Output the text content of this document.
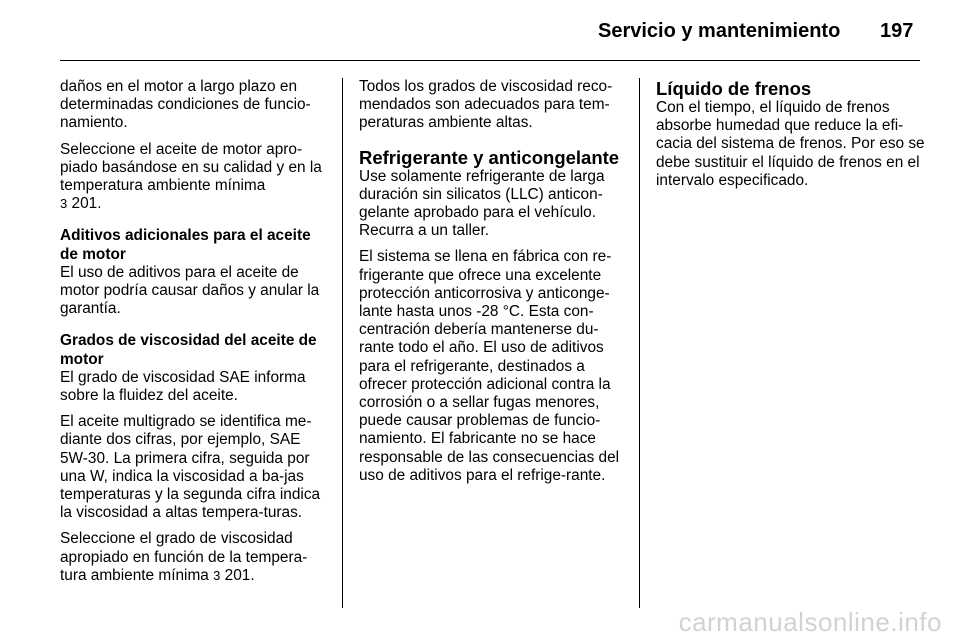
Servicio y mantenimiento 197

daños en el motor a largo plazo en determinadas condiciones de funcio-namiento.

Seleccione el aceite de motor apro-piado basándose en su calidad y en la temperatura ambiente mínima
3 201.

Aditivos adicionales para el aceite de motor

El uso de aditivos para el aceite de motor podría causar daños y anular la garantía.

Grados de viscosidad del aceite de motor

El grado de viscosidad SAE informa sobre la fluidez del aceite.

El aceite multigrado se identifica me-diante dos cifras, por ejemplo, SAE 5W-30. La primera cifra, seguida por una W, indica la viscosidad a ba-jas temperaturas y la segunda cifra indica la viscosidad a altas tempera-turas.

Seleccione el grado de viscosidad apropiado en función de la tempera-tura ambiente mínima 3 201.

Todos los grados de viscosidad reco-mendados son adecuados para tem-peraturas ambiente altas.

Refrigerante y anticongelante

Use solamente refrigerante de larga duración sin silicatos (LLC) anticon-gelante aprobado para el vehículo. Recurra a un taller.

El sistema se llena en fábrica con re-frigerante que ofrece una excelente protección anticorrosiva y anticonge-lante hasta unos -28 °C. Esta con-centración debería mantenerse du-rante todo el año. El uso de aditivos para el refrigerante, destinados a ofrecer protección adicional contra la corrosión o a sellar fugas menores, puede causar problemas de funcio-namiento. El fabricante no se hace responsable de las consecuencias del uso de aditivos para el refrige-rante.

Líquido de frenos

Con el tiempo, el líquido de frenos absorbe humedad que reduce la efi-cacia del sistema de frenos. Por eso se debe sustituir el líquido de frenos en el intervalo especificado.

carmanualsonline.info
